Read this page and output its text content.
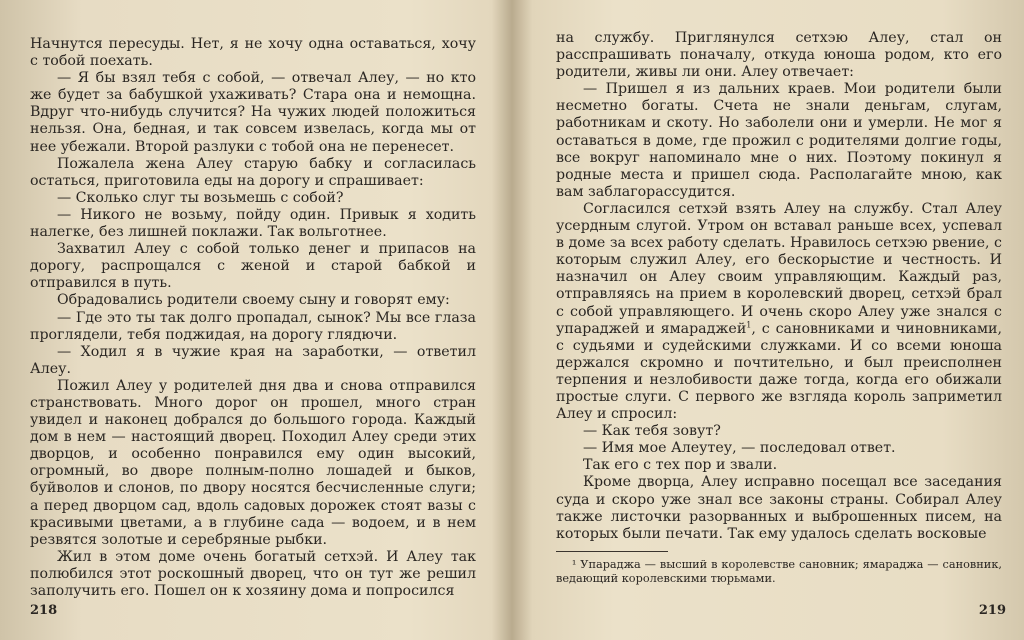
Начнутся пересуды. Нет, я не хочу одна оставаться, хочу с тобой поехать.

— Я бы взял тебя с собой, — отвечал Алеу, — но кто же будет за бабушкой ухаживать? Стара она и немощна. Вдруг что-нибудь случится? На чужих людей положиться нельзя. Она, бедная, и так совсем извелась, когда мы от нее убежали. Второй разлуки с тобой она не перенесет.

Пожалела жена Алеу старую бабку и согласилась остаться, приготовила еды на дорогу и спрашивает:

— Сколько слуг ты возьмешь с собой?

— Никого не возьму, пойду один. Привык я ходить налегке, без лишней поклажи. Так вольготнее.

Захватил Алеу с собой только денег и припасов на дорогу, распрощался с женой и старой бабкой и отправился в путь.

Обрадовались родители своему сыну и говорят ему:

— Где это ты так долго пропадал, сынок? Мы все глаза проглядели, тебя поджидая, на дорогу глядючи.

— Ходил я в чужие края на заработки, — ответил Алеу.

Пожил Алеу у родителей дня два и снова отправился странствовать. Много дорог он прошел, много стран увидел и наконец добрался до большого города. Каждый дом в нем — настоящий дворец. Походил Алеу среди этих дворцов, и особенно понравился ему один высокий, огромный, во дворе полным-полно лошадей и быков, буйволов и слонов, по двору носятся бесчисленные слуги; а перед дворцом сад, вдоль садовых дорожек стоят вазы с красивыми цветами, а в глубине сада — водоем, и в нем резвятся золотые и серебряные рыбки.

Жил в этом доме очень богатый сетхэй. И Алеу так полюбился этот роскошный дворец, что он тут же решил заполучить его. Пошел он к хозяину дома и попросился

218

на службу. Приглянулся сетхэю Алеу, стал он расспрашивать поначалу, откуда юноша родом, кто его родители, живы ли они. Алеу отвечает:

— Пришел я из дальних краев. Мои родители были несметно богаты. Счета не знали деньгам, слугам, работникам и скоту. Но заболели они и умерли. Не мог я оставаться в доме, где прожил с родителями долгие годы, все вокруг напоминало мне о них. Поэтому покинул я родные места и пришел сюда. Располагайте мною, как вам заблагорассудится.

Согласился сетхэй взять Алеу на службу. Стал Алеу усердным слугой. Утром он вставал раньше всех, успевал в доме за всех работу сделать. Нравилось сетхэю рвение, с которым служил Алеу, его бескорыстие и честность. И назначил он Алеу своим управляющим. Каждый раз, отправляясь на прием в королевский дворец, сетхэй брал с собой управляющего. И очень скоро Алеу уже знался с упараджей и ямараджей$^1$, с сановниками и чиновниками, с судьями и судейскими служками. И со всеми юноша держался скромно и почтительно, и был преисполнен терпения и незлобивости даже тогда, когда его обижали простые слуги. С первого же взгляда король заприметил Алеу и спросил:

— Как тебя зовут?

— Имя мое Алеутеу, — последовал ответ.

Так его с тех пор и звали.

Кроме дворца, Алеу исправно посещал все заседания суда и скоро уже знал все законы страны. Собирал Алеу также листочки разорванных и выброшенных писем, на которых были печати. Так ему удалось сделать восковые

¹ Упараджа — высший в королевстве сановник; ямараджа — сановник, ведающий королевскими тюрьмами.
219
